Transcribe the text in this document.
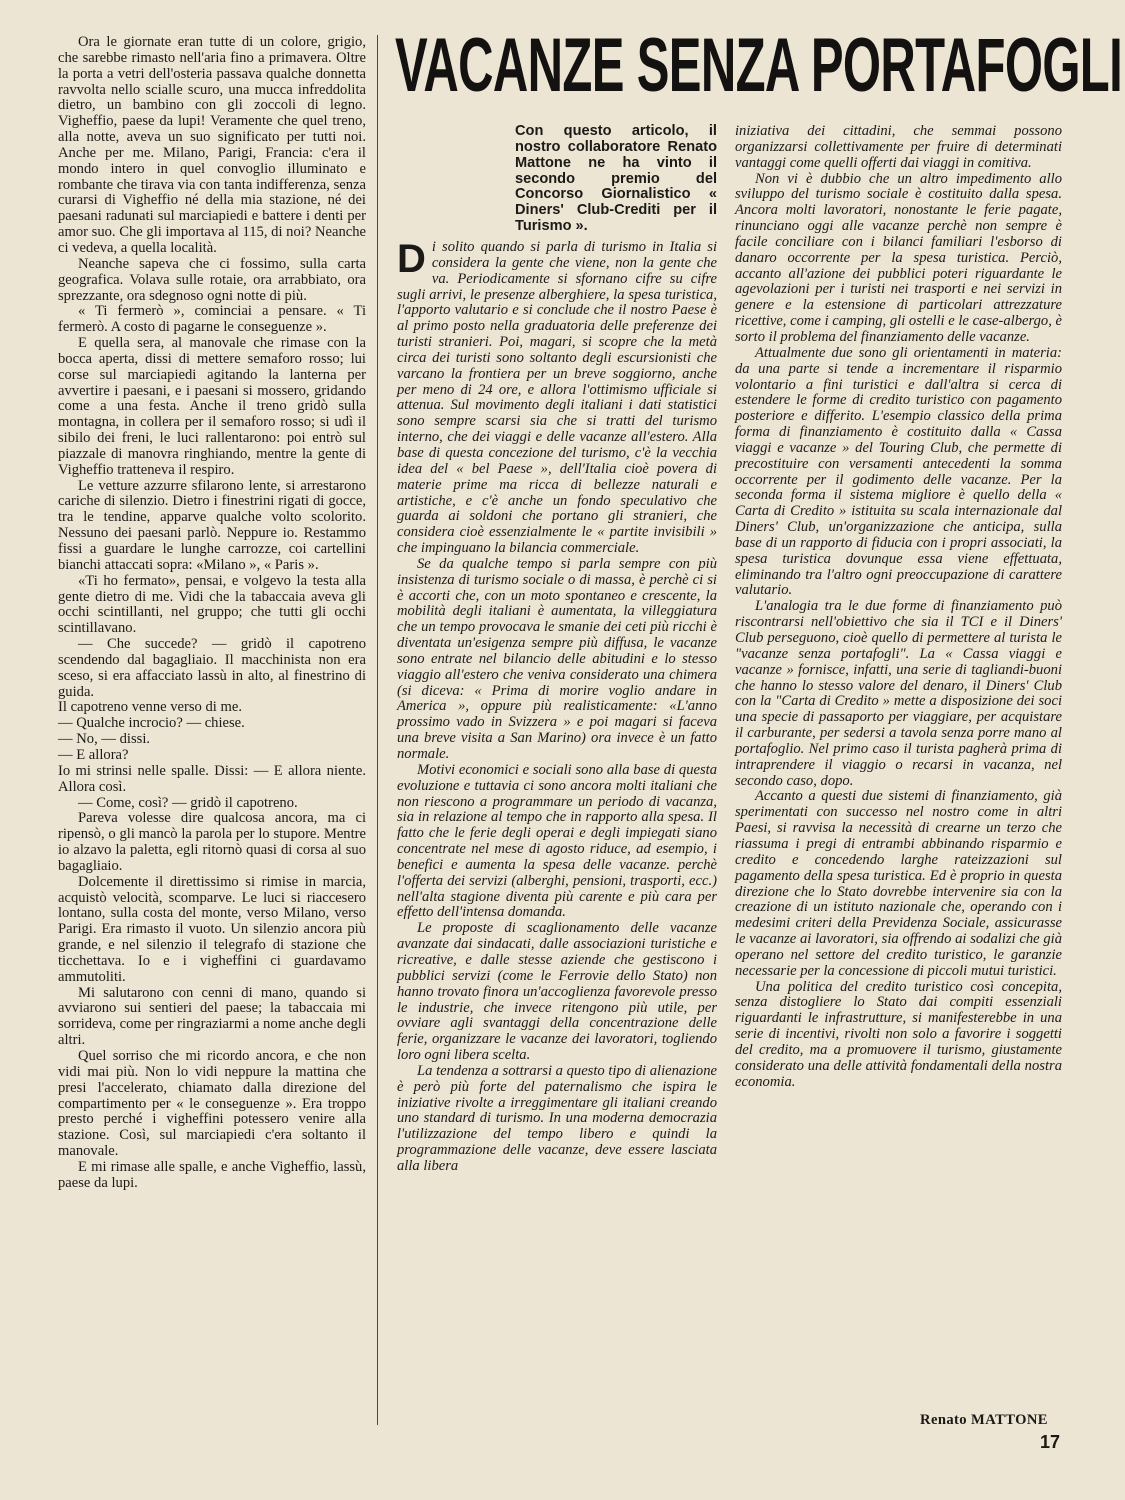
Ora le giornate eran tutte di un colore, grigio, che sarebbe rimasto nell'aria fino a primavera. Oltre la porta a vetri dell'osteria passava qualche donnetta ravvolta nello scialle scuro, una mucca infreddolita dietro, un bambino con gli zoccoli di legno. Vigheffio, paese da lupi! Veramente che quel treno, alla notte, aveva un suo significato per tutti noi. Anche per me. Milano, Parigi, Francia: c'era il mondo intero in quel convoglio illuminato e rombante che tirava via con tanta indifferenza, senza curarsi di Vigheffio né della mia stazione, né dei paesani radunati sul marciapiedi e battere i denti per amor suo. Che gli importava al 115, di noi? Neanche ci vedeva, a quella località.

Neanche sapeva che ci fossimo, sulla carta geografica. Volava sulle rotaie, ora arrabbiato, ora sprezzante, ora sdegnoso ogni notte di più.

« Ti fermerò », cominciai a pensare. « Ti fermerò. A costo di pagarne le conseguenze ».

E quella sera, al manovale che rimase con la bocca aperta, dissi di mettere semaforo rosso; lui corse sul marciapiedi agitando la lanterna per avvertire i paesani, e i paesani si mossero, gridando come a una festa. Anche il treno gridò sulla montagna, in collera per il semaforo rosso; si udì il sibilo dei freni, le luci rallentarono: poi entrò sul piazzale di manovra ringhiando, mentre la gente di Vigheffio tratteneva il respiro.

Le vetture azzurre sfilarono lente, si arrestarono cariche di silenzio. Dietro i finestrini rigati di gocce, tra le tendine, apparve qualche volto scolorito. Nessuno dei paesani parlò. Neppure io. Restammo fissi a guardare le lunghe carrozze, coi cartellini bianchi attaccati sopra: «Milano », « Paris ».

«Ti ho fermato», pensai, e volgevo la testa alla gente dietro di me. Vidi che la tabaccaia aveva gli occhi scintillanti, nel gruppo; che tutti gli occhi scintillavano.

— Che succede? — gridò il capotreno scendendo dal bagagliaio. Il macchinista non era sceso, si era affacciato lassù in alto, al finestrino di guida.

Il capotreno venne verso di me.

— Qualche incrocio? — chiese.

— No, — dissi.

— E allora?

Io mi strinsi nelle spalle. Dissi: — E allora niente. Allora così.

— Come, così? — gridò il capotreno.

Pareva volesse dire qualcosa ancora, ma ci ripensò, o gli mancò la parola per lo stupore. Mentre io alzavo la paletta, egli ritornò quasi di corsa al suo bagagliaio.

Dolcemente il direttissimo si rimise in marcia, acquistò velocità, scomparve. Le luci si riaccesero lontano, sulla costa del monte, verso Milano, verso Parigi. Era rimasto il vuoto. Un silenzio ancora più grande, e nel silenzio il telegrafo di stazione che ticchettava. Io e i vigheffini ci guardavamo ammutoliti.

Mi salutarono con cenni di mano, quando si avviarono sui sentieri del paese; la tabaccaia mi sorrideva, come per ringraziarmi a nome anche degli altri.

Quel sorriso che mi ricordo ancora, e che non vidi mai più. Non lo vidi neppure la mattina che presi l'accelerato, chiamato dalla direzione del compartimento per « le conseguenze ». Era troppo presto perché i vigheffini potessero venire alla stazione. Così, sul marciapiedi c'era soltanto il manovale.

E mi rimase alle spalle, e anche Vigheffio, lassù, paese da lupi.

VACANZE SENZA PORTAFOGLI

Con questo articolo, il nostro collaboratore Renato Mattone ne ha vinto il secondo premio del Concorso Giornalistico « Diners' Club-Crediti per il Turismo ».

Di solito quando si parla di turismo in Italia si considera la gente che viene, non la gente che va. Periodicamente si sfornano cifre su cifre sugli arrivi, le presenze alberghiere, la spesa turistica, l'apporto valutario e si conclude che il nostro Paese è al primo posto nella graduatoria delle preferenze dei turisti stranieri. Poi, magari, si scopre che la metà circa dei turisti sono soltanto degli escursionisti che varcano la frontiera per un breve soggiorno, anche per meno di 24 ore, e allora l'ottimismo ufficiale si attenua. Sul movimento degli italiani i dati statistici sono sempre scarsi sia che si tratti del turismo interno, che dei viaggi e delle vacanze all'estero. Alla base di questa concezione del turismo, c'è la vecchia idea del « bel Paese », dell'Italia cioè povera di materie prime ma ricca di bellezze naturali e artistiche, e c'è anche un fondo speculativo che guarda ai soldoni che portano gli stranieri, che considera cioè essenzialmente le « partite invisibili » che impinguano la bilancia commerciale.

Se da qualche tempo si parla sempre con più insistenza di turismo sociale o di massa, è perchè ci si è accorti che, con un moto spontaneo e crescente, la mobilità degli italiani è aumentata, la villeggiatura che un tempo provocava le smanie dei ceti più ricchi è diventata un'esigenza sempre più diffusa, le vacanze sono entrate nel bilancio delle abitudini e lo stesso viaggio all'estero che veniva considerato una chimera (si diceva: « Prima di morire voglio andare in America », oppure più realisticamente: «L'anno prossimo vado in Svizzera » e poi magari si faceva una breve visita a San Marino) ora invece è un fatto normale.

Motivi economici e sociali sono alla base di questa evoluzione e tuttavia ci sono ancora molti italiani che non riescono a programmare un periodo di vacanza, sia in relazione al tempo che in rapporto alla spesa. Il fatto che le ferie degli operai e degli impiegati siano concentrate nel mese di agosto riduce, ad esempio, i benefici e aumenta la spesa delle vacanze. perchè l'offerta dei servizi (alberghi, pensioni, trasporti, ecc.) nell'alta stagione diventa più carente e più cara per effetto dell'intensa domanda.

Le proposte di scaglionamento delle vacanze avanzate dai sindacati, dalle associazioni turistiche e ricreative, e dalle stesse aziende che gestiscono i pubblici servizi (come le Ferrovie dello Stato) non hanno trovato finora un'accoglienza favorevole presso le industrie, che invece ritengono più utile, per ovviare agli svantaggi della concentrazione delle ferie, organizzare le vacanze dei lavoratori, togliendo loro ogni libera scelta.

La tendenza a sottrarsi a questo tipo di alienazione è però più forte del paternalismo che ispira le iniziative rivolte a irreggimentare gli italiani creando uno standard di turismo. In una moderna democrazia l'utilizzazione del tempo libero e quindi la programmazione delle vacanze, deve essere lasciata alla libera

iniziativa dei cittadini, che semmai possono organizzarsi collettivamente per fruire di determinati vantaggi come quelli offerti dai viaggi in comitiva.

Non vi è dubbio che un altro impedimento allo sviluppo del turismo sociale è costituito dalla spesa. Ancora molti lavoratori, nonostante le ferie pagate, rinunciano oggi alle vacanze perchè non sempre è facile conciliare con i bilanci familiari l'esborso di danaro occorrente per la spesa turistica. Perciò, accanto all'azione dei pubblici poteri riguardante le agevolazioni per i turisti nei trasporti e nei servizi in genere e la estensione di particolari attrezzature ricettive, come i camping, gli ostelli e le case-albergo, è sorto il problema del finanziamento delle vacanze.

Attualmente due sono gli orientamenti in materia: da una parte si tende a incrementare il risparmio volontario a fini turistici e dall'altra si cerca di estendere le forme di credito turistico con pagamento posteriore e differito. L'esempio classico della prima forma di finanziamento è costituito dalla « Cassa viaggi e vacanze » del Touring Club, che permette di precostituire con versamenti antecedenti la somma occorrente per il godimento delle vacanze. Per la seconda forma il sistema migliore è quello della « Carta di Credito » istituita su scala internazionale dal Diners' Club, un'organizzazione che anticipa, sulla base di un rapporto di fiducia con i propri associati, la spesa turistica dovunque essa viene effettuata, eliminando tra l'altro ogni preoccupazione di carattere valutario.

L'analogia tra le due forme di finanziamento può riscontrarsi nell'obiettivo che sia il TCI e il Diners' Club perseguono, cioè quello di permettere al turista le "vacanze senza portafogli". La « Cassa viaggi e vacanze » fornisce, infatti, una serie di tagliandi-buoni che hanno lo stesso valore del denaro, il Diners' Club con la "Carta di Credito » mette a disposizione dei soci una specie di passaporto per viaggiare, per acquistare il carburante, per sedersi a tavola senza porre mano al portafoglio. Nel primo caso il turista pagherà prima di intraprendere il viaggio o recarsi in vacanza, nel secondo caso, dopo.

Accanto a questi due sistemi di finanziamento, già sperimentati con successo nel nostro come in altri Paesi, si ravvisa la necessità di crearne un terzo che riassuma i pregi di entrambi abbinando risparmio e credito e concedendo larghe rateizzazioni sul pagamento della spesa turistica. Ed è proprio in questa direzione che lo Stato dovrebbe intervenire sia con la creazione di un istituto nazionale che, operando con i medesimi criteri della Previdenza Sociale, assicurasse le vacanze ai lavoratori, sia offrendo ai sodalizi che già operano nel settore del credito turistico, le garanzie necessarie per la concessione di piccoli mutui turistici.

Una politica del credito turistico così concepita, senza distogliere lo Stato dai compiti essenziali riguardanti le infrastrutture, si manifesterebbe in una serie di incentivi, rivolti non solo a favorire i soggetti del credito, ma a promuovere il turismo, giustamente considerato una delle attività fondamentali della nostra economia.

Renato MATTONE
17
